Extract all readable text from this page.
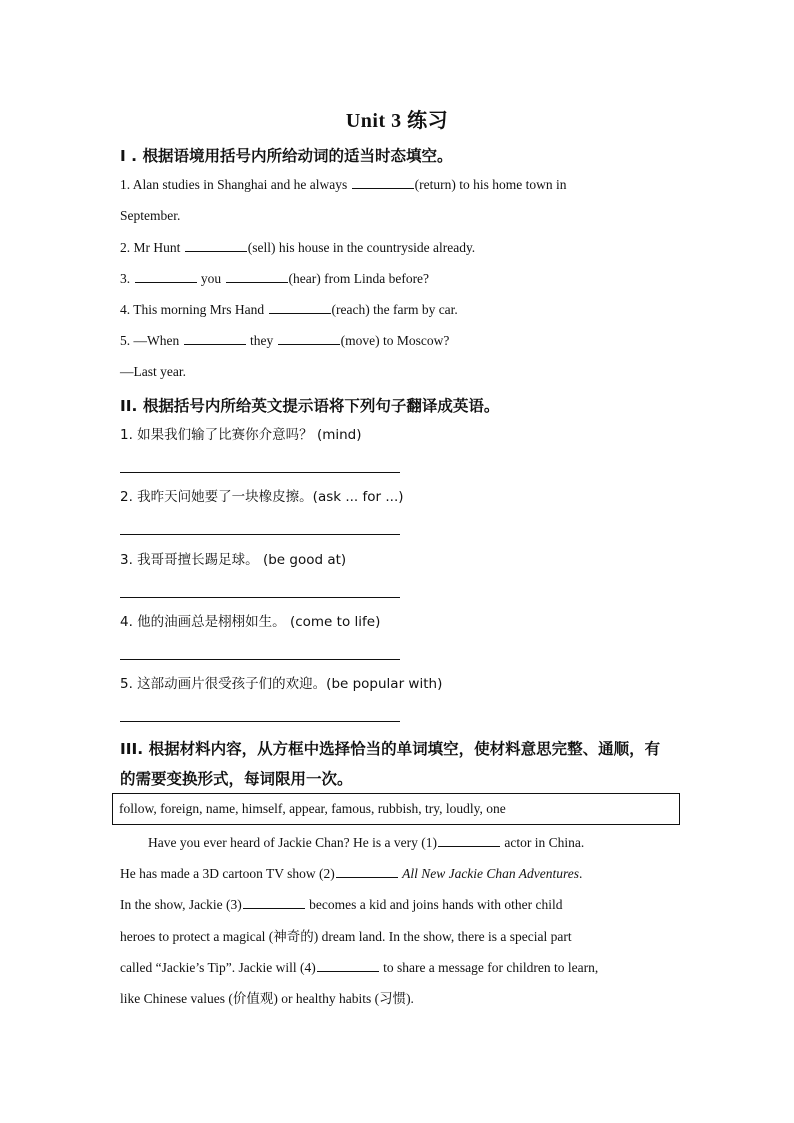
Unit 3 练习
I . 根据语境用括号内所给动词的适当时态填空。
1. Alan studies in Shanghai and he always	(return) to his home town in
September.
2. Mr Hunt	(sell) his house in the countryside already.
3.	you	(hear) from Linda before?
4. This morning Mrs Hand	(reach) the farm by car.
5. —When	they	(move) to Moscow?
—Last year.
II. 根据括号内所给英文提示语将下列句子翻译成英语。
1. 如果我们输了比赛你介意吗？ (mind)
2. 我昨天问她要了一块橡皮擦。(ask ... for ...)
3. 我哥哥擅长踢足球。 (be good at)
4. 他的油画总是栩栩如生。 (come to life)
5. 这部动画片很受孩子们的欢迎。(be popular with)
III. 根据材料内容，从方框中选择恰当的单词填空，使材料意思完整、通顺，有
的需要变换形式，每词限用一次。
follow, foreign, name, himself, appear, famous, rubbish, try, loudly, one
Have you ever heard of Jackie Chan? He is a very (1)	actor in China.
He has made a 3D cartoon TV show (2)	All New Jackie Chan Adventures.
In the show, Jackie (3)	becomes a kid and joins hands with other child
heroes to protect a magical (神奇的) dream land. In the show, there is a special part
called “Jackie’s Tip”. Jackie will (4)	to share a message for children to learn,
like Chinese values (价值观) or healthy habits (习惯).
